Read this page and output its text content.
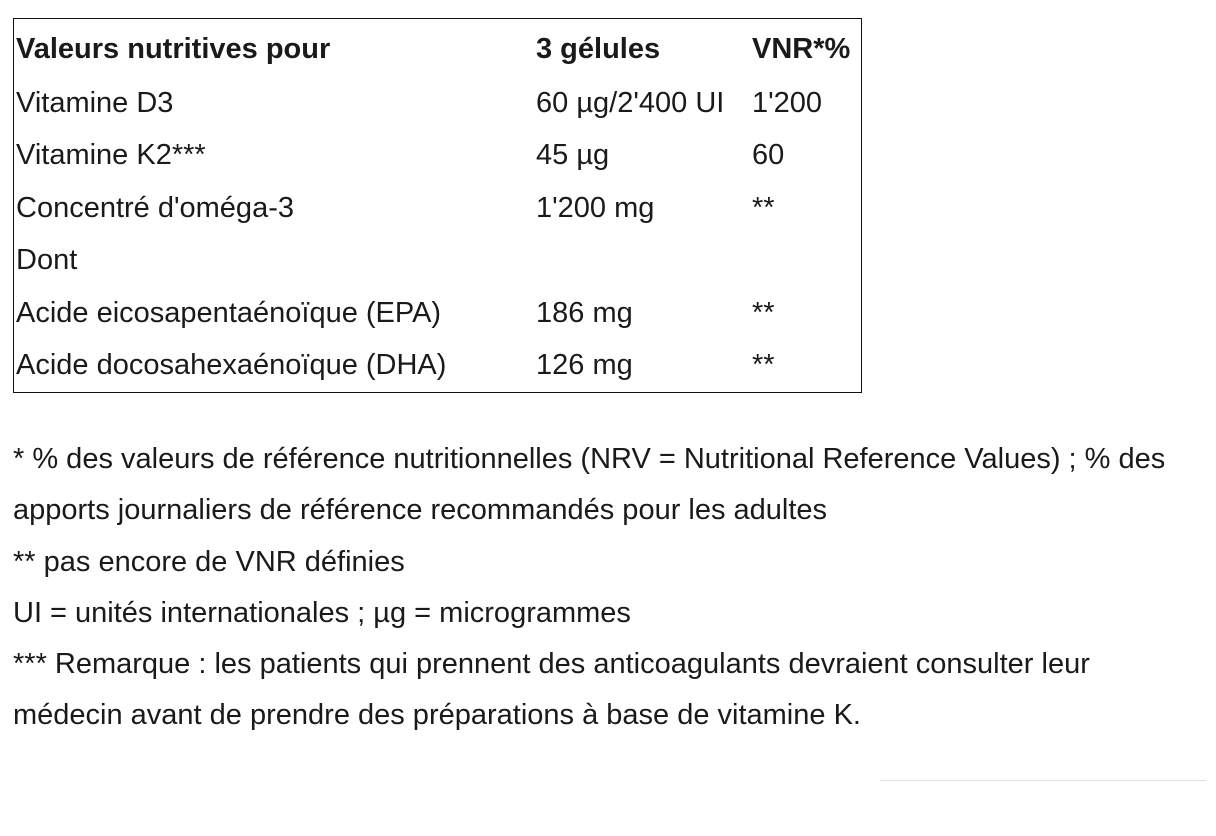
Valeurs nutritives pour	3 gélules	VNR*%
Vitamine D3	60 µg/2'400 UI	1'200
Vitamine K2***	45 µg	60
Concentré d'oméga-3	1'200 mg	**
Dont		
Acide eicosapentaénoïque (EPA)	186 mg	**
Acide docosahexaénoïque (DHA)	126 mg	**

* % des valeurs de référence nutritionnelles (NRV = Nutritional Reference Values) ; % des apports journaliers de référence recommandés pour les adultes

** pas encore de VNR définies

UI = unités internationales ; µg = microgrammes

*** Remarque : les patients qui prennent des anticoagulants devraient consulter leur médecin avant de prendre des préparations à base de vitamine K.
